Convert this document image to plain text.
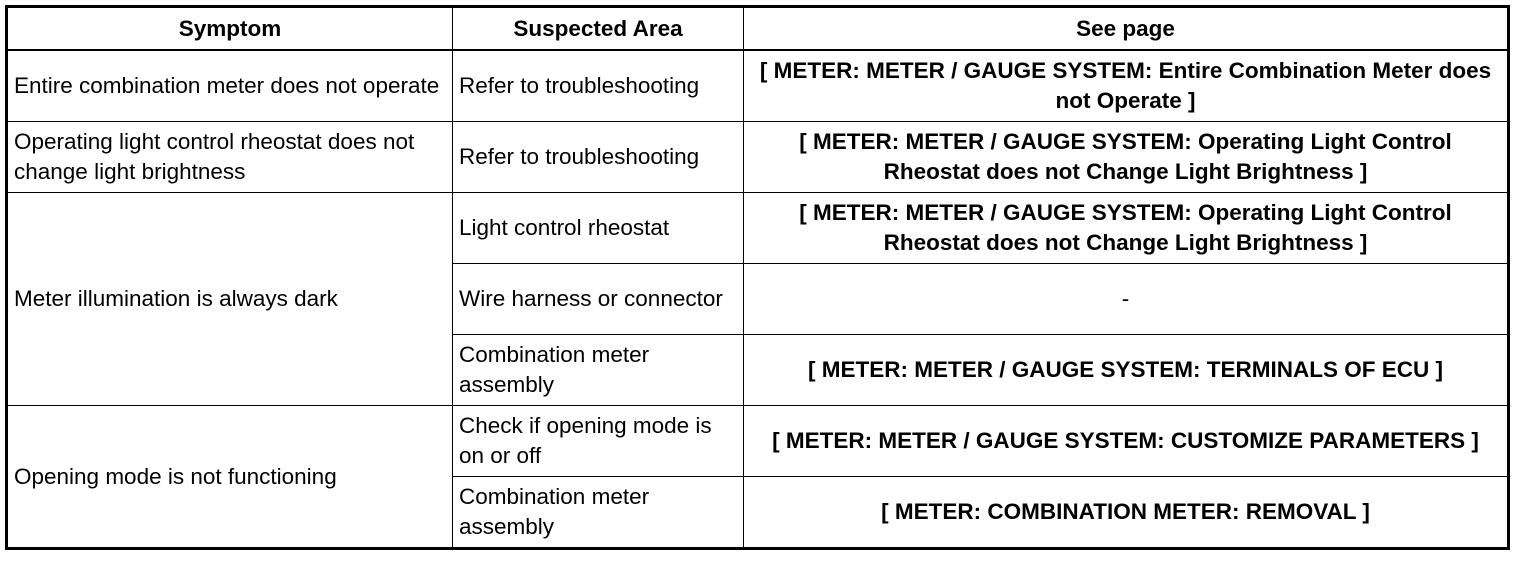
Symptom	Suspected Area	See page
Entire combination meter does not operate	Refer to troubleshooting	[ METER: METER / GAUGE SYSTEM: Entire Combination Meter does not Operate ]
Operating light control rheostat does not change light brightness	Refer to troubleshooting	[ METER: METER / GAUGE SYSTEM: Operating Light Control Rheostat does not Change Light Brightness ]
Meter illumination is always dark	Light control rheostat	[ METER: METER / GAUGE SYSTEM: Operating Light Control Rheostat does not Change Light Brightness ]
	Wire harness or connector	-
	Combination meter assembly	[ METER: METER / GAUGE SYSTEM: TERMINALS OF ECU ]
Opening mode is not functioning	Check if opening mode is on or off	[ METER: METER / GAUGE SYSTEM: CUSTOMIZE PARAMETERS ]
	Combination meter assembly	[ METER: COMBINATION METER: REMOVAL ]
